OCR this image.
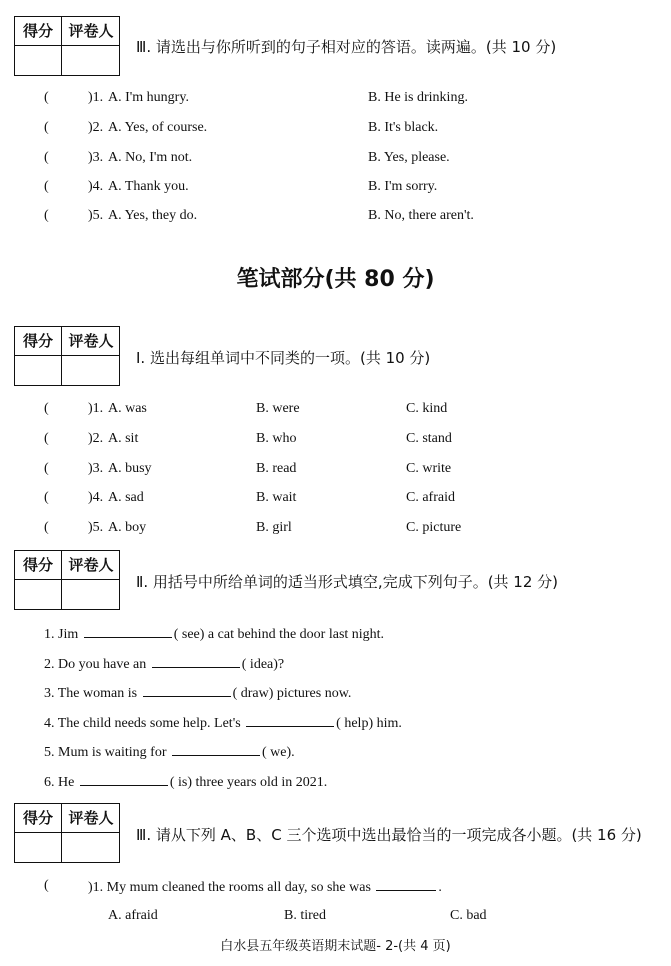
得分	评卷人
Ⅲ. 请选出与你所听到的句子相对应的答语。读两遍。(共 10 分)
(	)1. A. I'm hungry.	B. He is drinking.
(	)2. A. Yes, of course.	B. It's black.
(	)3. A. No, I'm not.	B. Yes, please.
(	)4. A. Thank you.	B. I'm sorry.
(	)5. A. Yes, they do.	B. No, there aren't.
笔试部分(共 80 分)
得分	评卷人
Ⅰ. 选出每组单词中不同类的一项。(共 10 分)
(	)1. A. was	B. were	C. kind
(	)2. A. sit	B. who	C. stand
(	)3. A. busy	B. read	C. write
(	)4. A. sad	B. wait	C. afraid
(	)5. A. boy	B. girl	C. picture
得分	评卷人
Ⅱ. 用括号中所给单词的适当形式填空,完成下列句子。(共 12 分)
1. Jim	( see) a cat behind the door last night.
2. Do you have an	( idea)?
3. The woman is	( draw) pictures now.
4. The child needs some help. Let's	( help) him.
5. Mum is waiting for	( we).
6. He	( is) three years old in 2021.
得分	评卷人
Ⅲ. 请从下列 A、B、C 三个选项中选出最恰当的一项完成各小题。(共 16 分)
(	)1. My mum cleaned the rooms all day, so she was	.
A. afraid	B. tired	C. bad
白水县五年级英语期末试题- 2-(共 4 页)
